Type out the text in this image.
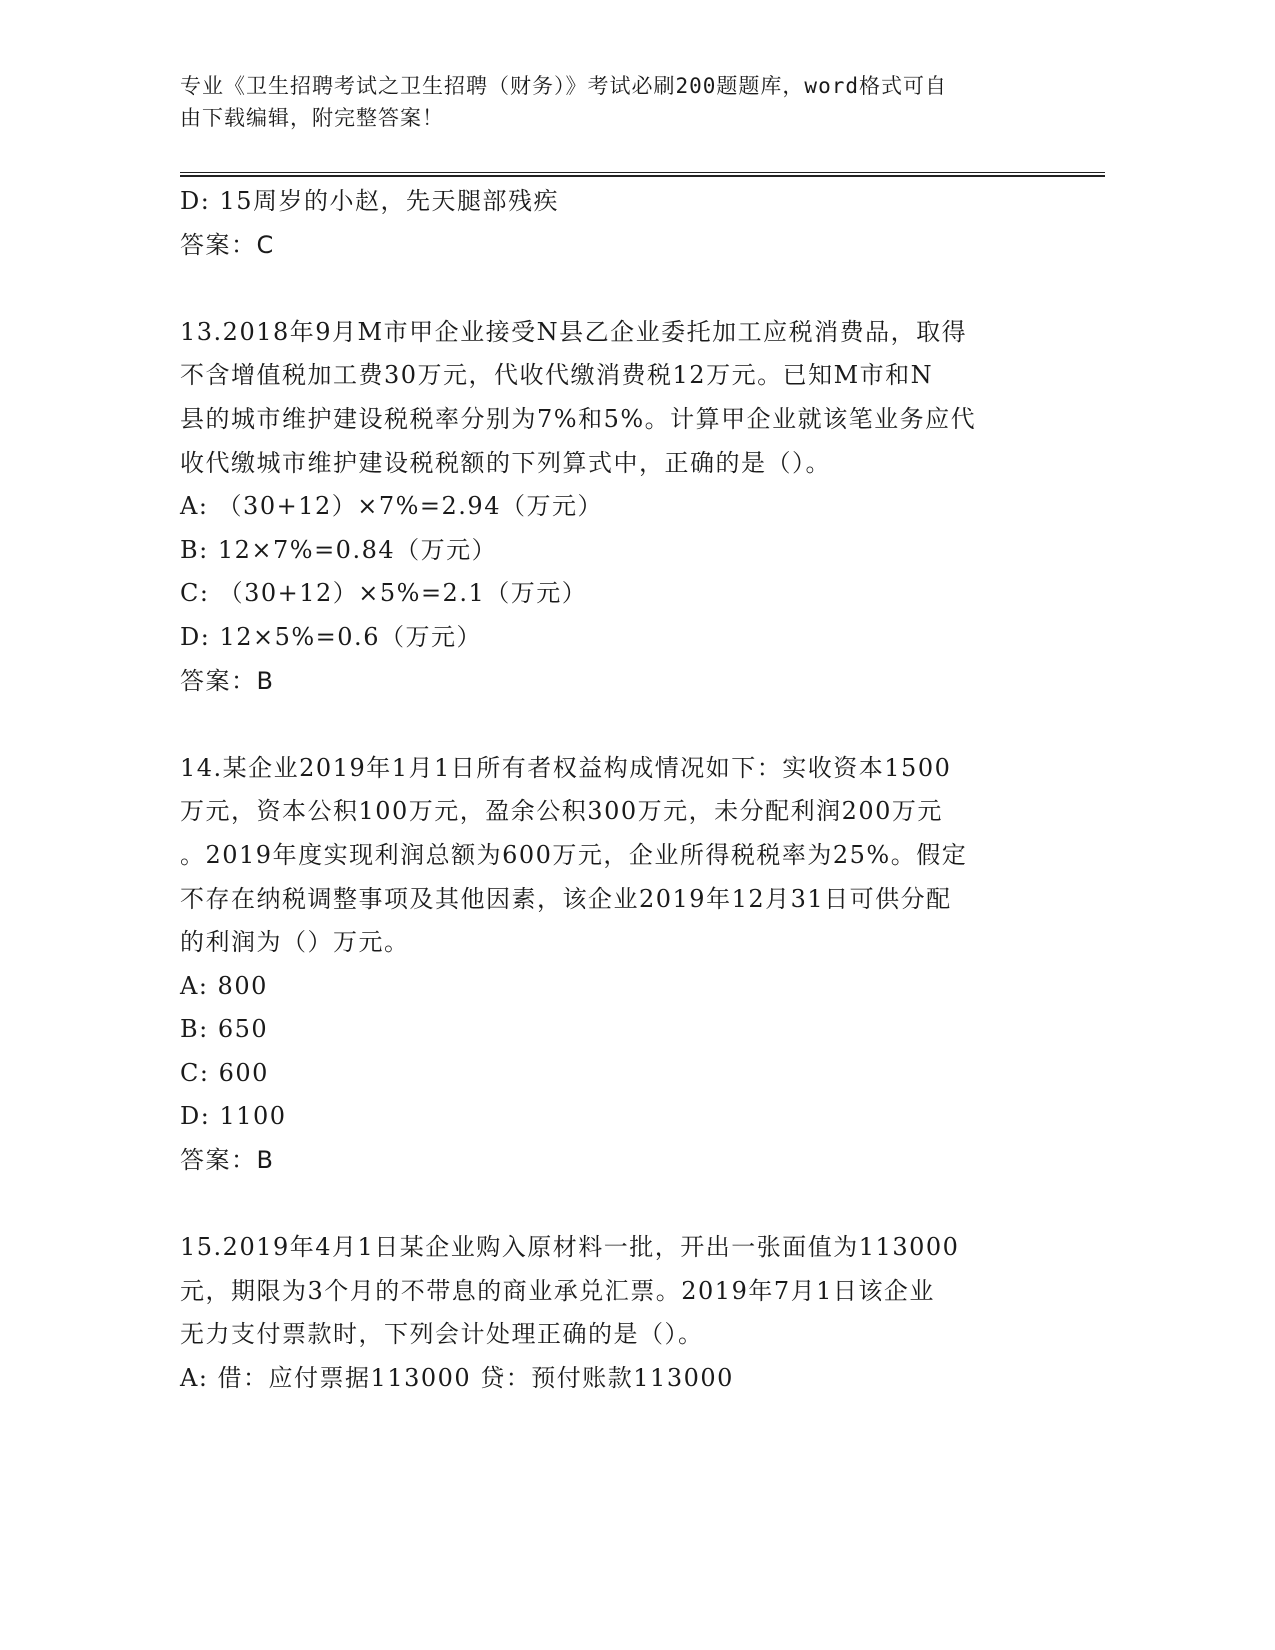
专业《卫生招聘考试之卫生招聘（财务）》考试必刷200题题库，word格式可自
由下载编辑，附完整答案！
D: 15周岁的小赵，先天腿部残疾
答案：C
13.2018年9月M市甲企业接受N县乙企业委托加工应税消费品，取得
不含增值税加工费30万元，代收代缴消费税12万元。已知M市和N
县的城市维护建设税税率分别为7%和5%。计算甲企业就该笔业务应代
收代缴城市维护建设税税额的下列算式中，正确的是（）。
A: （30+12）×7%=2.94（万元）
B: 12×7%=0.84（万元）
C: （30+12）×5%=2.1（万元）
D: 12×5%=0.6（万元）
答案：B
14.某企业2019年1月1日所有者权益构成情况如下：实收资本1500
万元，资本公积100万元，盈余公积300万元，未分配利润200万元
。2019年度实现利润总额为600万元，企业所得税税率为25%。假定
不存在纳税调整事项及其他因素，该企业2019年12月31日可供分配
的利润为（）万元。
A: 800
B: 650
C: 600
D: 1100
答案：B
15.2019年4月1日某企业购入原材料一批，开出一张面值为113000
元，期限为3个月的不带息的商业承兑汇票。2019年7月1日该企业
无力支付票款时，下列会计处理正确的是（）。
A: 借：应付票据113000 贷：预付账款113000
